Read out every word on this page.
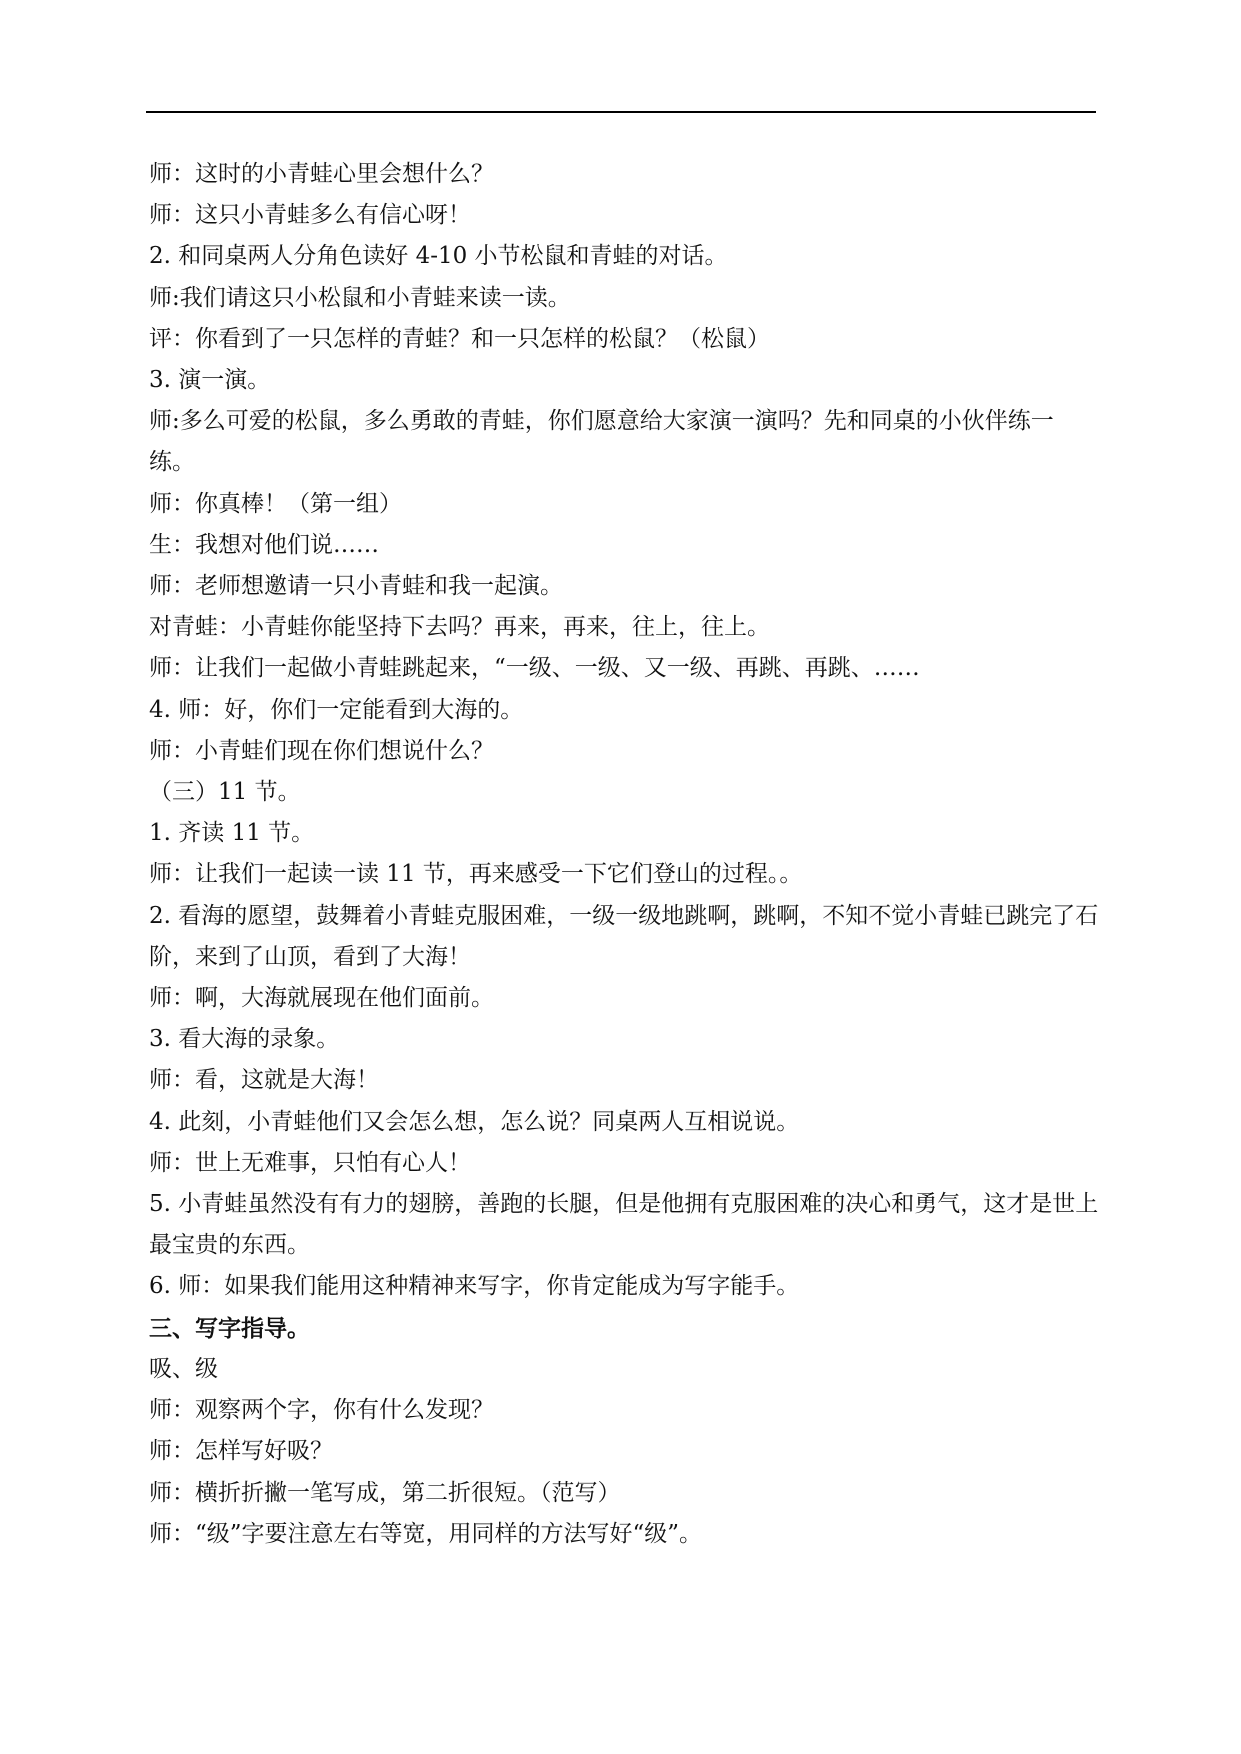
师：这时的小青蛙心里会想什么？

师：这只小青蛙多么有信心呀！

2. 和同桌两人分角色读好 4-10 小节松鼠和青蛙的对话。

师:我们请这只小松鼠和小青蛙来读一读。

评：你看到了一只怎样的青蛙？和一只怎样的松鼠？（松鼠）

3. 演一演。

师:多么可爱的松鼠，多么勇敢的青蛙，你们愿意给大家演一演吗？先和同桌的小伙伴练一练。

师：你真棒！（第一组）

生：我想对他们说……

师：老师想邀请一只小青蛙和我一起演。

对青蛙：小青蛙你能坚持下去吗？再来，再来，往上，往上。

师：让我们一起做小青蛙跳起来，“一级、一级、又一级、再跳、再跳、……

4. 师：好，你们一定能看到大海的。

师：小青蛙们现在你们想说什么？

（三）11 节。

1. 齐读 11 节。

师：让我们一起读一读 11 节，再来感受一下它们登山的过程。。

2. 看海的愿望，鼓舞着小青蛙克服困难，一级一级地跳啊，跳啊，不知不觉小青蛙已跳完了石阶，来到了山顶，看到了大海！

师：啊，大海就展现在他们面前。

3. 看大海的录象。

师：看，这就是大海！

4. 此刻，小青蛙他们又会怎么想，怎么说？同桌两人互相说说。

师：世上无难事，只怕有心人！

5. 小青蛙虽然没有有力的翅膀，善跑的长腿，但是他拥有克服困难的决心和勇气，这才是世上最宝贵的东西。

6. 师：如果我们能用这种精神来写字，你肯定能成为写字能手。

三、写字指导。

吸、级

师：观察两个字，你有什么发现？

师：怎样写好吸？

师：横折折撇一笔写成，第二折很短。（范写）

师：“级”字要注意左右等宽，用同样的方法写好“级”。
